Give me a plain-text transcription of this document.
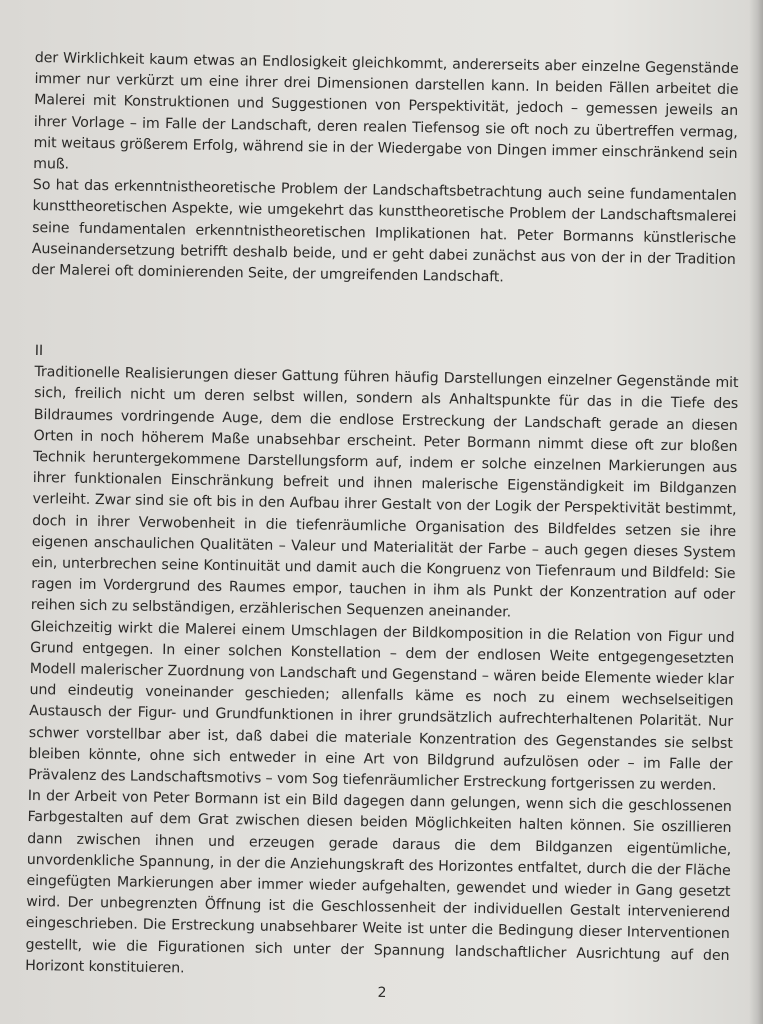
der Wirklichkeit kaum etwas an Endlosigkeit gleichkommt, andererseits aber einzelne Gegenstände immer nur verkürzt um eine ihrer drei Dimensionen darstellen kann. In beiden Fällen arbeitet die Malerei mit Konstruktionen und Suggestionen von Perspektivität, jedoch – gemessen jeweils an ihrer Vorlage – im Falle der Landschaft, deren realen Tiefensog sie oft noch zu übertreffen vermag, mit weitaus größerem Erfolg, während sie in der Wiedergabe von Dingen immer einschränkend sein muß.

So hat das erkenntnistheoretische Problem der Landschaftsbetrachtung auch seine fundamentalen kunsttheoretischen Aspekte, wie umgekehrt das kunsttheoretische Problem der Landschaftsmalerei seine fundamentalen erkenntnistheoretischen Implikationen hat. Peter Bormanns künstlerische Auseinandersetzung betrifft deshalb beide, und er geht dabei zunächst aus von der in der Tradition der Malerei oft dominierenden Seite, der umgreifenden Landschaft.

II

Traditionelle Realisierungen dieser Gattung führen häufig Darstellungen einzelner Gegenstände mit sich, freilich nicht um deren selbst willen, sondern als Anhaltspunkte für das in die Tiefe des Bildraumes vordringende Auge, dem die endlose Erstreckung der Landschaft gerade an diesen Orten in noch höherem Maße unabsehbar erscheint. Peter Bormann nimmt diese oft zur bloßen Technik heruntergekommene Darstellungsform auf, indem er solche einzelnen Markierungen aus ihrer funktionalen Einschränkung befreit und ihnen malerische Eigenständigkeit im Bildganzen verleiht. Zwar sind sie oft bis in den Aufbau ihrer Gestalt von der Logik der Perspektivität bestimmt, doch in ihrer Verwobenheit in die tiefenräumliche Organisation des Bildfeldes setzen sie ihre eigenen anschaulichen Qualitäten – Valeur und Materialität der Farbe – auch gegen dieses System ein, unterbrechen seine Kontinuität und damit auch die Kongruenz von Tiefenraum und Bildfeld: Sie ragen im Vordergrund des Raumes empor, tauchen in ihm als Punkt der Konzentration auf oder reihen sich zu selbständigen, erzählerischen Sequenzen aneinander.

Gleichzeitig wirkt die Malerei einem Umschlagen der Bildkomposition in die Relation von Figur und Grund entgegen. In einer solchen Konstellation – dem der endlosen Weite entgegengesetzten Modell malerischer Zuordnung von Landschaft und Gegenstand – wären beide Elemente wieder klar und eindeutig voneinander geschieden; allenfalls käme es noch zu einem wechselseitigen Austausch der Figur- und Grundfunktionen in ihrer grundsätzlich aufrechterhaltenen Polarität. Nur schwer vorstellbar aber ist, daß dabei die materiale Konzentration des Gegenstandes sie selbst bleiben könnte, ohne sich entweder in eine Art von Bildgrund aufzulösen oder – im Falle der Prävalenz des Landschaftsmotivs – vom Sog tiefenräumlicher Erstreckung fortgerissen zu werden.

In der Arbeit von Peter Bormann ist ein Bild dagegen dann gelungen, wenn sich die geschlossenen Farbgestalten auf dem Grat zwischen diesen beiden Möglichkeiten halten können. Sie oszillieren dann zwischen ihnen und erzeugen gerade daraus die dem Bildganzen eigentümliche, unvordenkliche Spannung, in der die Anziehungskraft des Horizontes entfaltet, durch die der Fläche eingefügten Markierungen aber immer wieder aufgehalten, gewendet und wieder in Gang gesetzt wird. Der unbegrenzten Öffnung ist die Geschlossenheit der individuellen Gestalt intervenierend eingeschrieben. Die Erstreckung unabsehbarer Weite ist unter die Bedingung dieser Interventionen gestellt, wie die Figurationen sich unter der Spannung landschaftlicher Ausrichtung auf den Horizont konstituieren.

2
